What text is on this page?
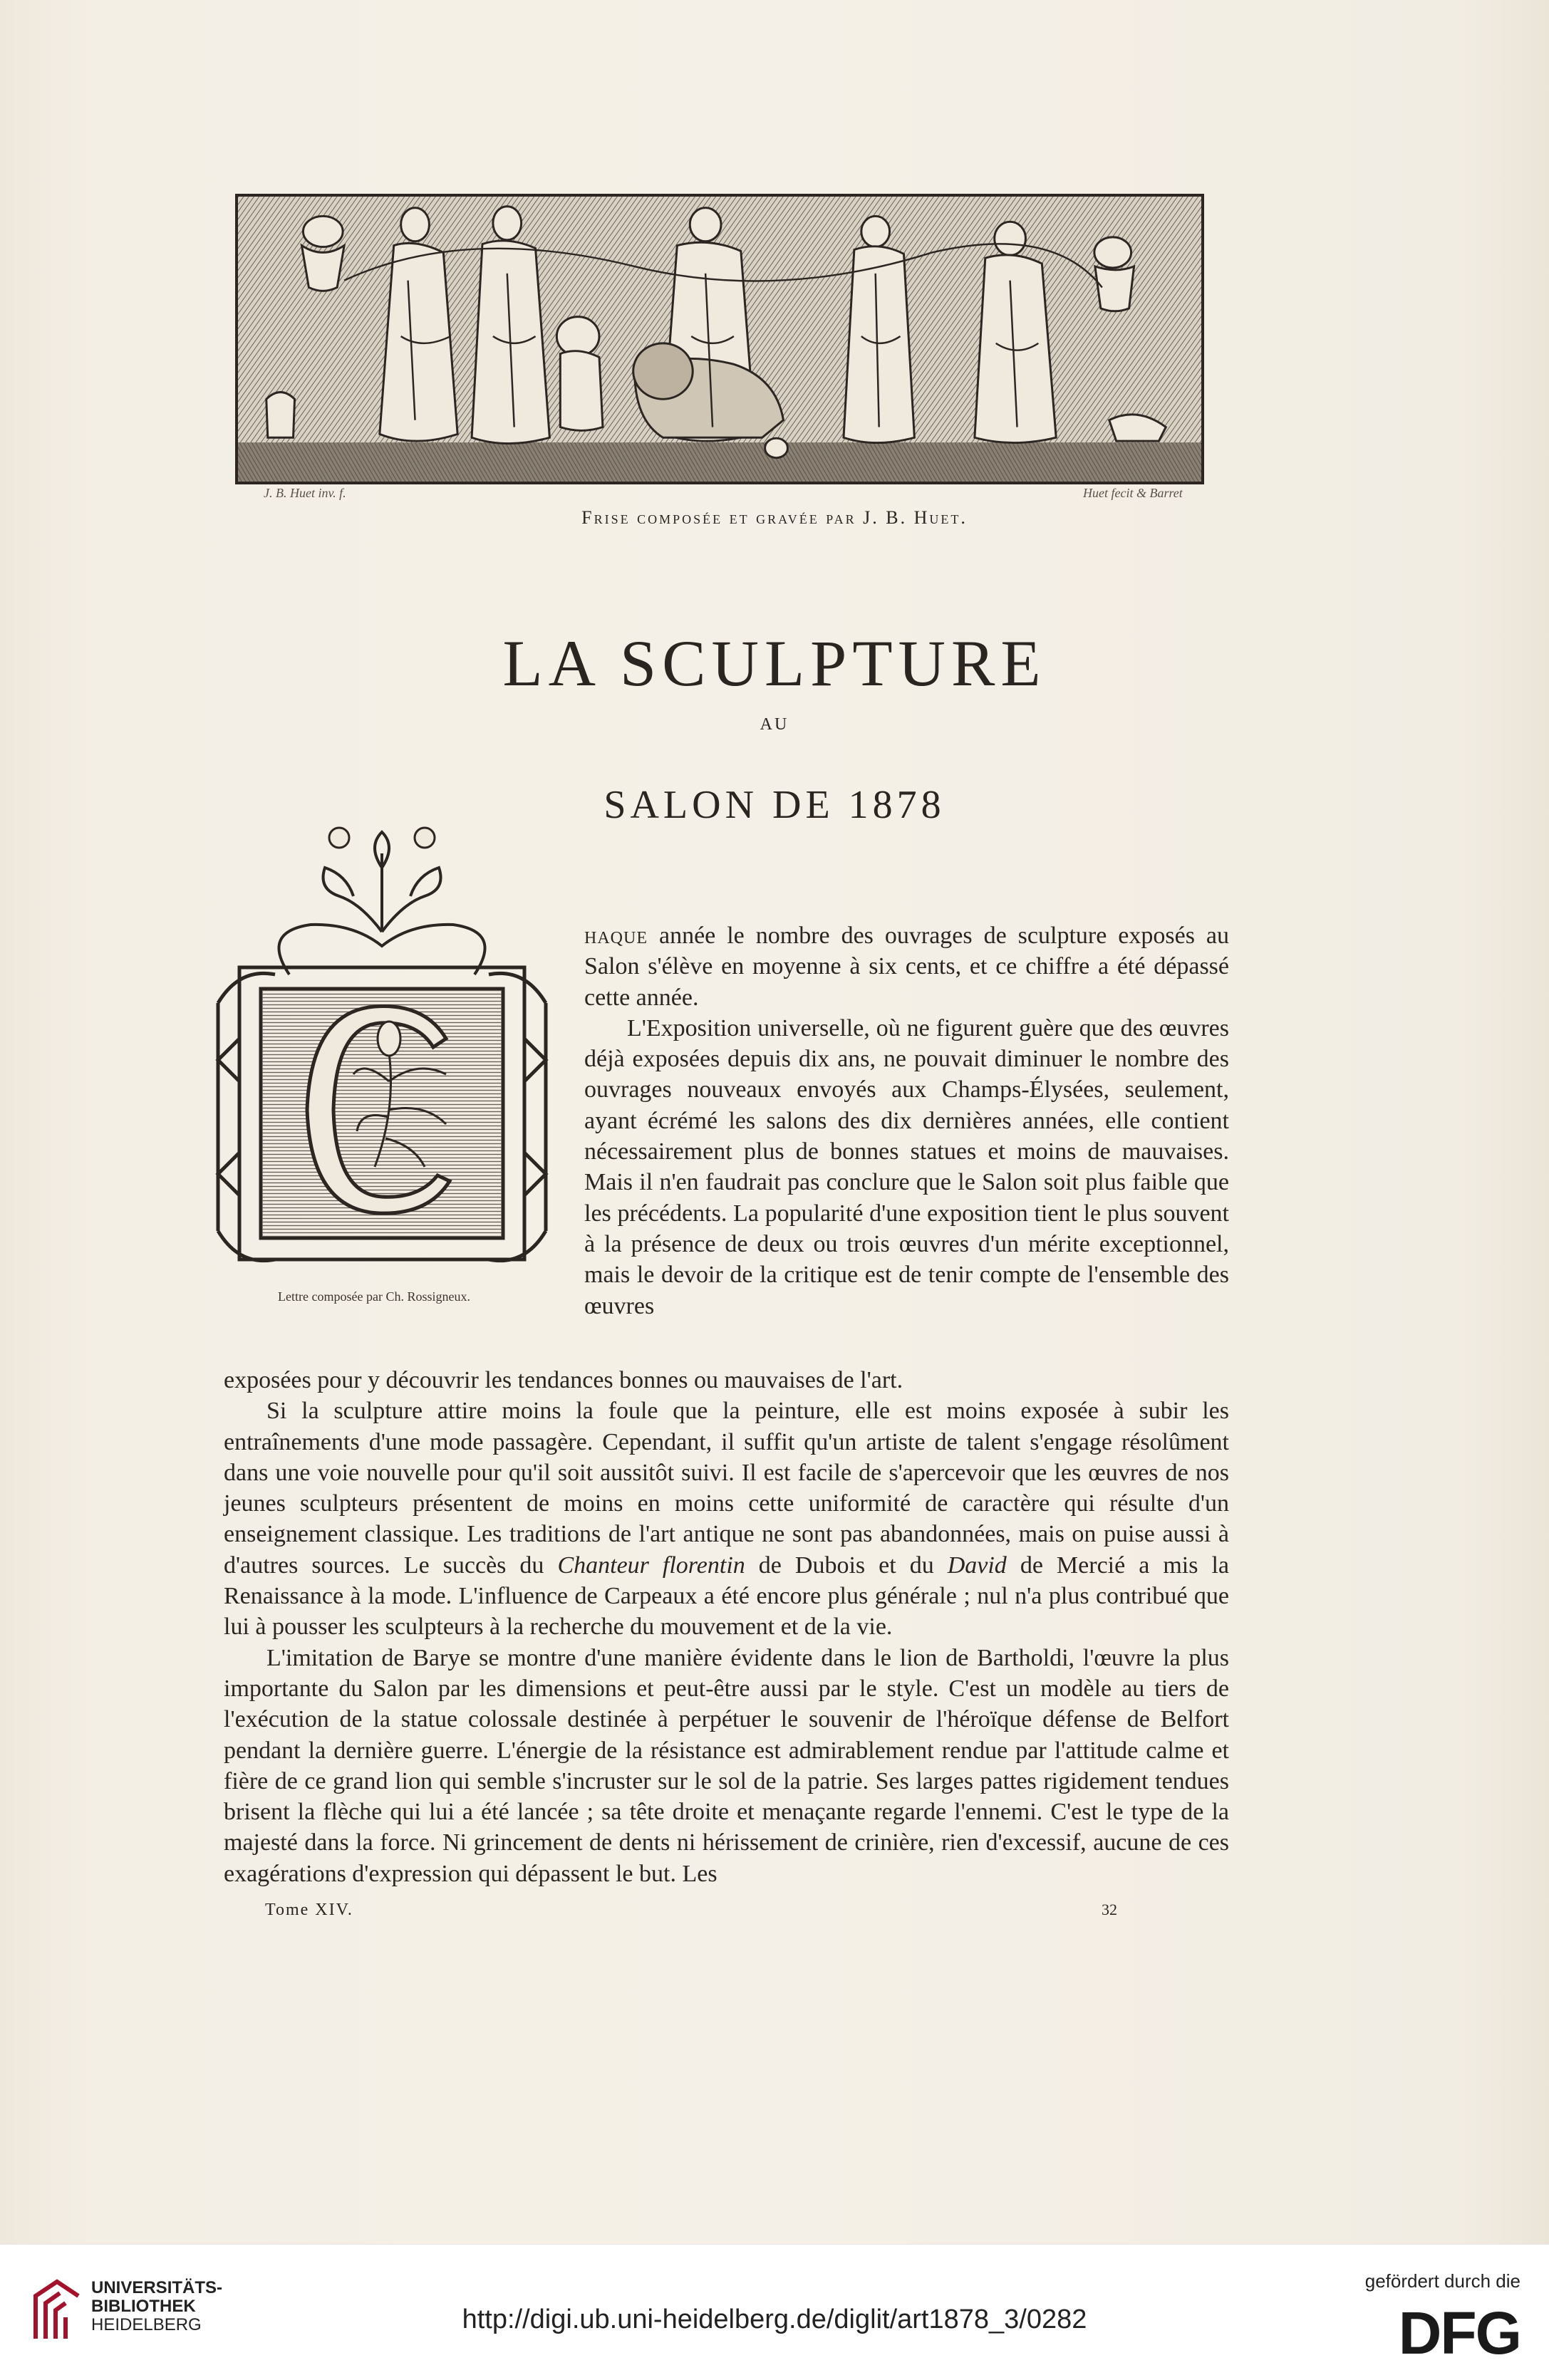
J. B. Huet inv. f.	Huet fecit & Barret
Frise composée et gravée par J. B. Huet.
LA SCULPTURE
AU
SALON DE 1878
Lettre composée par Ch. Rossigneux.

haque année le nombre des ouvrages de sculpture exposés au Salon s'élève en moyenne à six cents, et ce chiffre a été dépassé cette année.

L'Exposition universelle, où ne figurent guère que des œuvres déjà exposées depuis dix ans, ne pouvait diminuer le nombre des ouvrages nouveaux envoyés aux Champs-Élysées, seulement, ayant écrémé les salons des dix dernières années, elle contient nécessairement plus de bonnes statues et moins de mauvaises. Mais il n'en faudrait pas conclure que le Salon soit plus faible que les précédents. La popularité d'une exposition tient le plus souvent à la présence de deux ou trois œuvres d'un mérite exceptionnel, mais le devoir de la critique est de tenir compte de l'ensemble des œuvres

exposées pour y découvrir les tendances bonnes ou mauvaises de l'art.

Si la sculpture attire moins la foule que la peinture, elle est moins exposée à subir les entraînements d'une mode passagère. Cependant, il suffit qu'un artiste de talent s'engage résolûment dans une voie nouvelle pour qu'il soit aussitôt suivi. Il est facile de s'apercevoir que les œuvres de nos jeunes sculpteurs présentent de moins en moins cette uniformité de caractère qui résulte d'un enseignement classique. Les traditions de l'art antique ne sont pas abandonnées, mais on puise aussi à d'autres sources. Le succès du Chanteur florentin de Dubois et du David de Mercié a mis la Renaissance à la mode. L'influence de Carpeaux a été encore plus générale ; nul n'a plus contribué que lui à pousser les sculpteurs à la recherche du mouvement et de la vie.

L'imitation de Barye se montre d'une manière évidente dans le lion de Bartholdi, l'œuvre la plus importante du Salon par les dimensions et peut-être aussi par le style. C'est un modèle au tiers de l'exécution de la statue colossale destinée à perpétuer le souvenir de l'héroïque défense de Belfort pendant la dernière guerre. L'énergie de la résistance est admirablement rendue par l'attitude calme et fière de ce grand lion qui semble s'incruster sur le sol de la patrie. Ses larges pattes rigidement tendues brisent la flèche qui lui a été lancée ; sa tête droite et menaçante regarde l'ennemi. C'est le type de la majesté dans la force. Ni grincement de dents ni hérissement de crinière, rien d'excessif, aucune de ces exagérations d'expression qui dépassent le but. Les

Tome XIV.	32
UNIVERSITÄTS-
BIBLIOTHEK
HEIDELBERG	http://digi.ub.uni-heidelberg.de/diglit/art1878_3/0282
gefördert durch die
DFG
